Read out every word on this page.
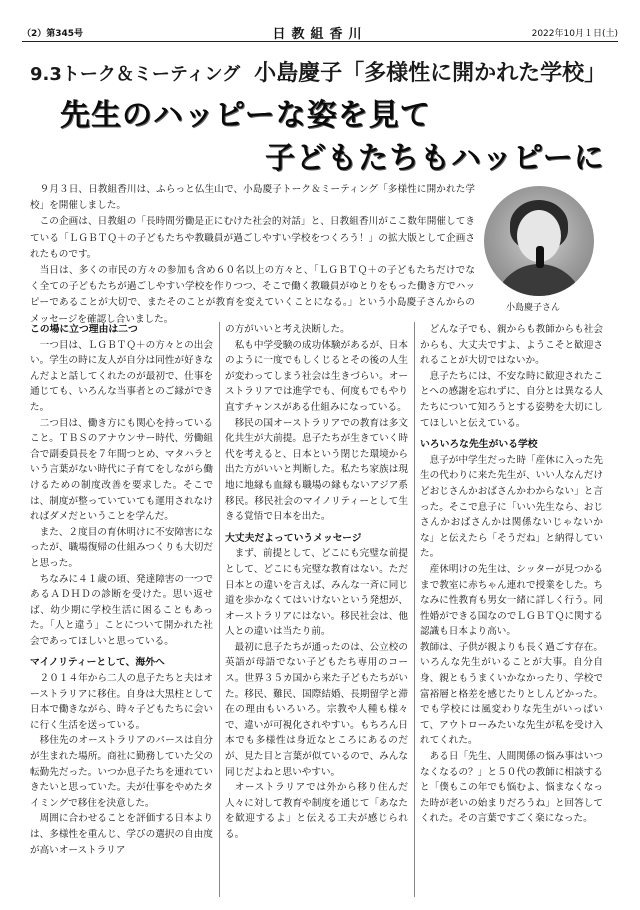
（2）第345号	日教組香川	2022年10月１日(土)
9.3トーク＆ミーティング 小島慶子「多様性に開かれた学校」
先生のハッピーな姿を見て
子どもたちもハッピーに

９月３日、日教組香川は、ふらっと仏生山で、小島慶子トーク＆ミーティング「多様性に開かれた学校」を開催しました。

この企画は、日教組の「長時間労働是正にむけた社会的対話」と、日教組香川がここ数年開催してきている「ＬＧＢＴＱ＋の子どもたちや教職員が過ごしやすい学校をつくろう！」の拡大版として企画されたものです。

当日は、多くの市民の方々の参加も含め６０名以上の方々と、「ＬＧＢＴＱ＋の子どもたちだけでなく全ての子どもたちが過ごしやすい学校を作りつつ、そこで働く教職員がゆとりをもった働き方でハッピーであることが大切で、またそのことが教育を変えていくことになる。」という小島慶子さんからのメッセージを確認し合いました。

小島慶子さん
この場に立つ理由は二つ

一つ目は、ＬＧＢＴＱ＋の方々との出会い。学生の時に友人が自分は同性が好きなんだよと話してくれたのが最初で、仕事を通じても、いろんな当事者とのご縁ができた。

二つ目は、働き方にも関心を持っていること。ＴＢＳのアナウンサー時代、労働組合で副委員長を７年間つとめ、マタハラという言葉がない時代に子育てをしながら働けるための制度改善を要求した。そこでは、制度が整っていていても運用されなければダメだということを学んだ。

また、２度目の育休明けに不安障害になったが、職場復帰の仕組みつくりも大切だと思った。

ちなみに４１歳の頃、発達障害の一つであるＡＤＨＤの診断を受けた。思い返せば、幼少期に学校生活に困ることもあった。「人と違う」ことについて開かれた社会であってほしいと思っている。

マイノリティーとして、海外へ

２０１４年から二人の息子たちと夫はオーストラリアに移住。自身は大黒柱として日本で働きながら、時々子どもたちに会いに行く生活を送っている。

移住先のオーストラリアのパースは自分が生まれた場所。商社に勤務していた父の転勤先だった。いつか息子たちを連れていきたいと思っていた。夫が仕事をやめたタイミングで移住を決意した。

周囲に合わせることを評価する日本よりは、多様性を重んじ、学びの選択の自由度が高いオーストラリア

の方がいいと考え決断した。

私も中学受験の成功体験があるが、日本のように一度でもしくじるとその後の人生が変わってしまう社会は生きづらい。オーストラリアでは進学でも、何度もでもやり直すチャンスがある仕組みになっている。

移民の国オーストラリアでの教育は多文化共生が大前提。息子たちが生きていく時代を考えると、日本という閉じた環境から出た方がいいと判断した。私たち家族は現地に地縁も血縁も職場の縁もないアジア系移民。移民社会のマイノリティーとして生きる覚悟で日本を出た。

大丈夫だよっていうメッセージ

まず、前提として、どこにも完璧な前提として、どこにも完璧な教育はない。ただ日本との違いを言えば、みんな一斉に同じ道を歩かなくてはいけないという発想が、オーストラリアにはない。移民社会は、他人との違いは当たり前。

最初に息子たちが通ったのは、公立校の英語が母語でない子どもたち専用のコース。世界３５カ国から来た子どもたちがいた。移民、難民、国際結婚、長期留学と滞在の理由もいろいろ。宗教や人種も様々で、違いが可視化されやすい。もちろん日本でも多様性は身近なところにあるのだが、見た目と言葉が似ているので、みんな同じだよねと思いやすい。

オーストラリアでは外から移り住んだ人々に対して教育や制度を通じて「あなたを歓迎するよ」と伝える工夫が感じられる。

どんな子でも、親からも教師からも社会からも、大丈夫ですよ、ようこそと歓迎されることが大切ではないか。

息子たちには、不安な時に歓迎されたことへの感謝を忘れずに、自分とは異なる人たちについて知ろうとする姿勢を大切にしてほしいと伝えている。

いろいろな先生がいる学校

息子が中学生だった時「産休に入った先生の代わりに来た先生が、いい人なんだけどおじさんかおばさんかわからない」と言った。そこで息子に「いい先生なら、おじさんかおばさんかは関係ないじゃないかな」と伝えたら「そうだね」と納得していた。

産休明けの先生は、シッターが見つかるまで教室に赤ちゃん連れで授業をした。ちなみに性教育も男女一緒に詳しく行う。同性婚ができる国なのでＬＧＢＴＱに関する認識も日本より高い。

教師は、子供が親よりも長く過ごす存在。いろんな先生がいることが大事。自分自身、親ともうまくいかなかったり、学校で富裕層と格差を感じたりとしんどかった。でも学校には風変わりな先生がいっぱいて、アウトローみたいな先生が私を受け入れてくれた。

ある日「先生、人間関係の悩み事はいつなくなるの？」と５０代の教師に相談すると「僕もこの年でも悩むよ、悩まなくなった時が老いの始まりだろうね」と回答してくれた。その言葉ですごく楽になった。
